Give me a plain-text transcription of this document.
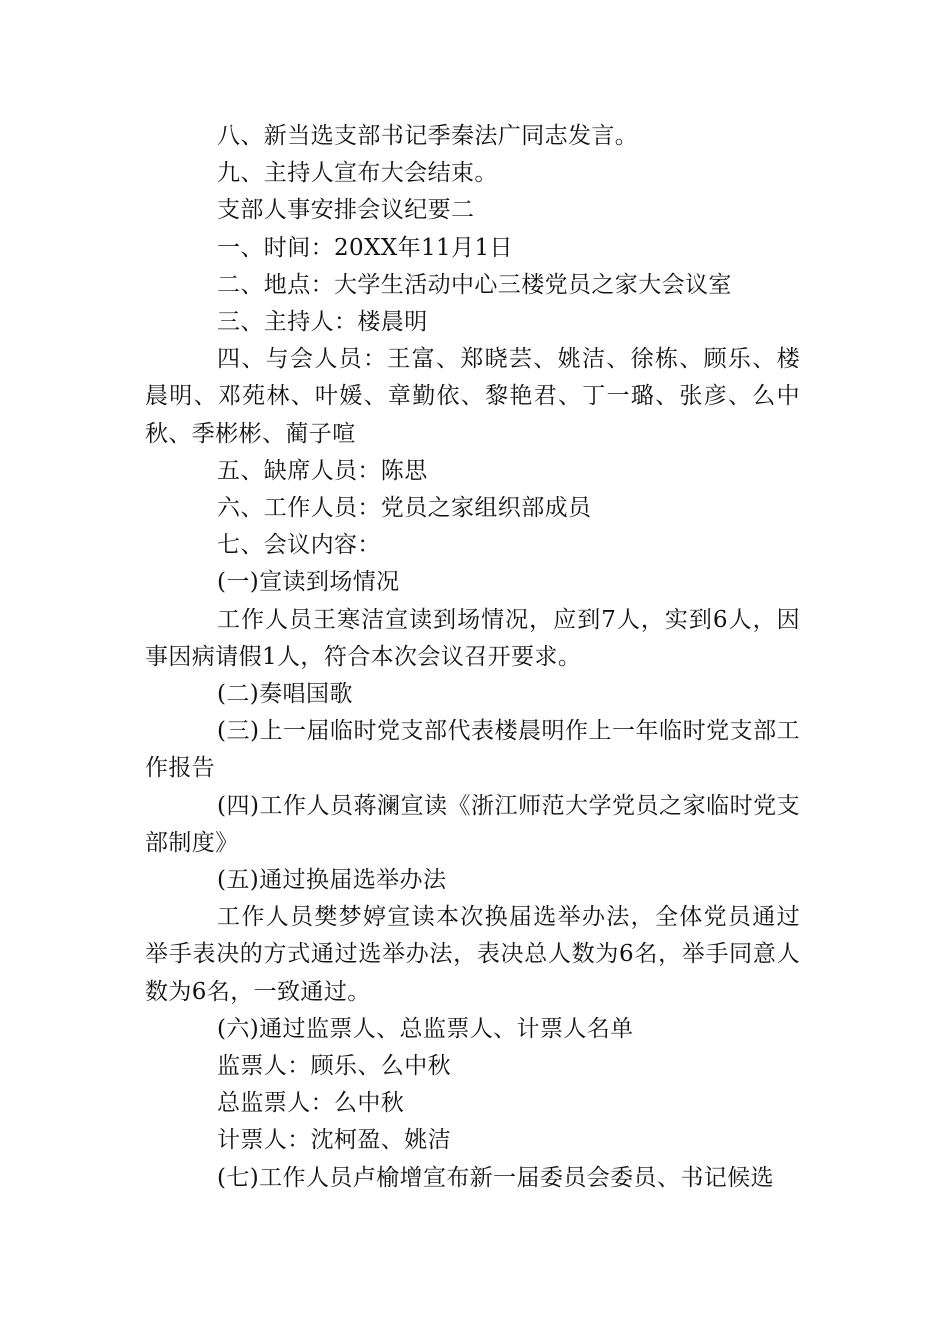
八、新当选支部书记季秦法广同志发言。

九、主持人宣布大会结束。

支部人事安排会议纪要二

一、时间：20XX年11月1日

二、地点：大学生活动中心三楼党员之家大会议室

三、主持人：楼晨明

四、与会人员：王富、郑晓芸、姚洁、徐栋、顾乐、楼晨明、邓苑林、叶媛、章勤依、黎艳君、丁一璐、张彦、么中秋、季彬彬、蔺子喧

五、缺席人员：陈思

六、工作人员：党员之家组织部成员

七、会议内容：

(一)宣读到场情况

工作人员王寒洁宣读到场情况，应到7人，实到6人，因事因病请假1人，符合本次会议召开要求。

(二)奏唱国歌

(三)上一届临时党支部代表楼晨明作上一年临时党支部工作报告

(四)工作人员蒋澜宣读《浙江师范大学党员之家临时党支部制度》

(五)通过换届选举办法

工作人员樊梦婷宣读本次换届选举办法，全体党员通过举手表决的方式通过选举办法，表决总人数为6名，举手同意人数为6名，一致通过。

(六)通过监票人、总监票人、计票人名单

监票人：顾乐、么中秋

总监票人：么中秋

计票人：沈柯盈、姚洁

(七)工作人员卢榆增宣布新一届委员会委员、书记候选
